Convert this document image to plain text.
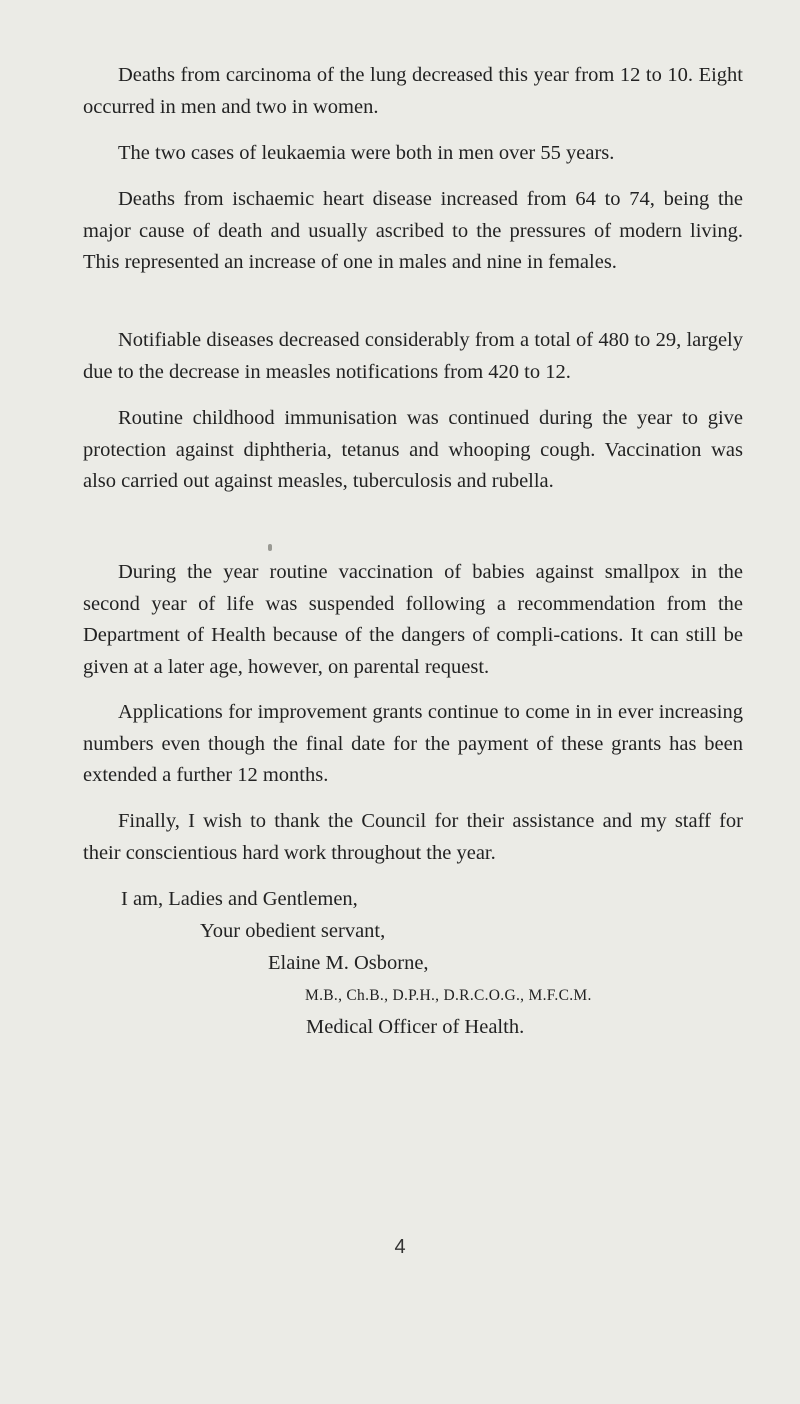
Deaths from carcinoma of the lung decreased this year from 12 to 10. Eight occurred in men and two in women.

The two cases of leukaemia were both in men over 55 years.

Deaths from ischaemic heart disease increased from 64 to 74, being the major cause of death and usually ascribed to the pressures of modern living. This represented an increase of one in males and nine in females.

Notifiable diseases decreased considerably from a total of 480 to 29, largely due to the decrease in measles notifications from 420 to 12.

Routine childhood immunisation was continued during the year to give protection against diphtheria, tetanus and whooping cough. Vaccination was also carried out against measles, tuberculosis and rubella.

During the year routine vaccination of babies against smallpox in the second year of life was suspended following a recommendation from the Department of Health because of the dangers of compli-cations. It can still be given at a later age, however, on parental request.

Applications for improvement grants continue to come in in ever increasing numbers even though the final date for the payment of these grants has been extended a further 12 months.

Finally, I wish to thank the Council for their assistance and my staff for their conscientious hard work throughout the year.

I am, Ladies and Gentlemen,
Your obedient servant,
Elaine M. Osborne,
M.B., Ch.B., D.P.H., D.R.C.O.G., M.F.C.M.
Medical Officer of Health.
4
